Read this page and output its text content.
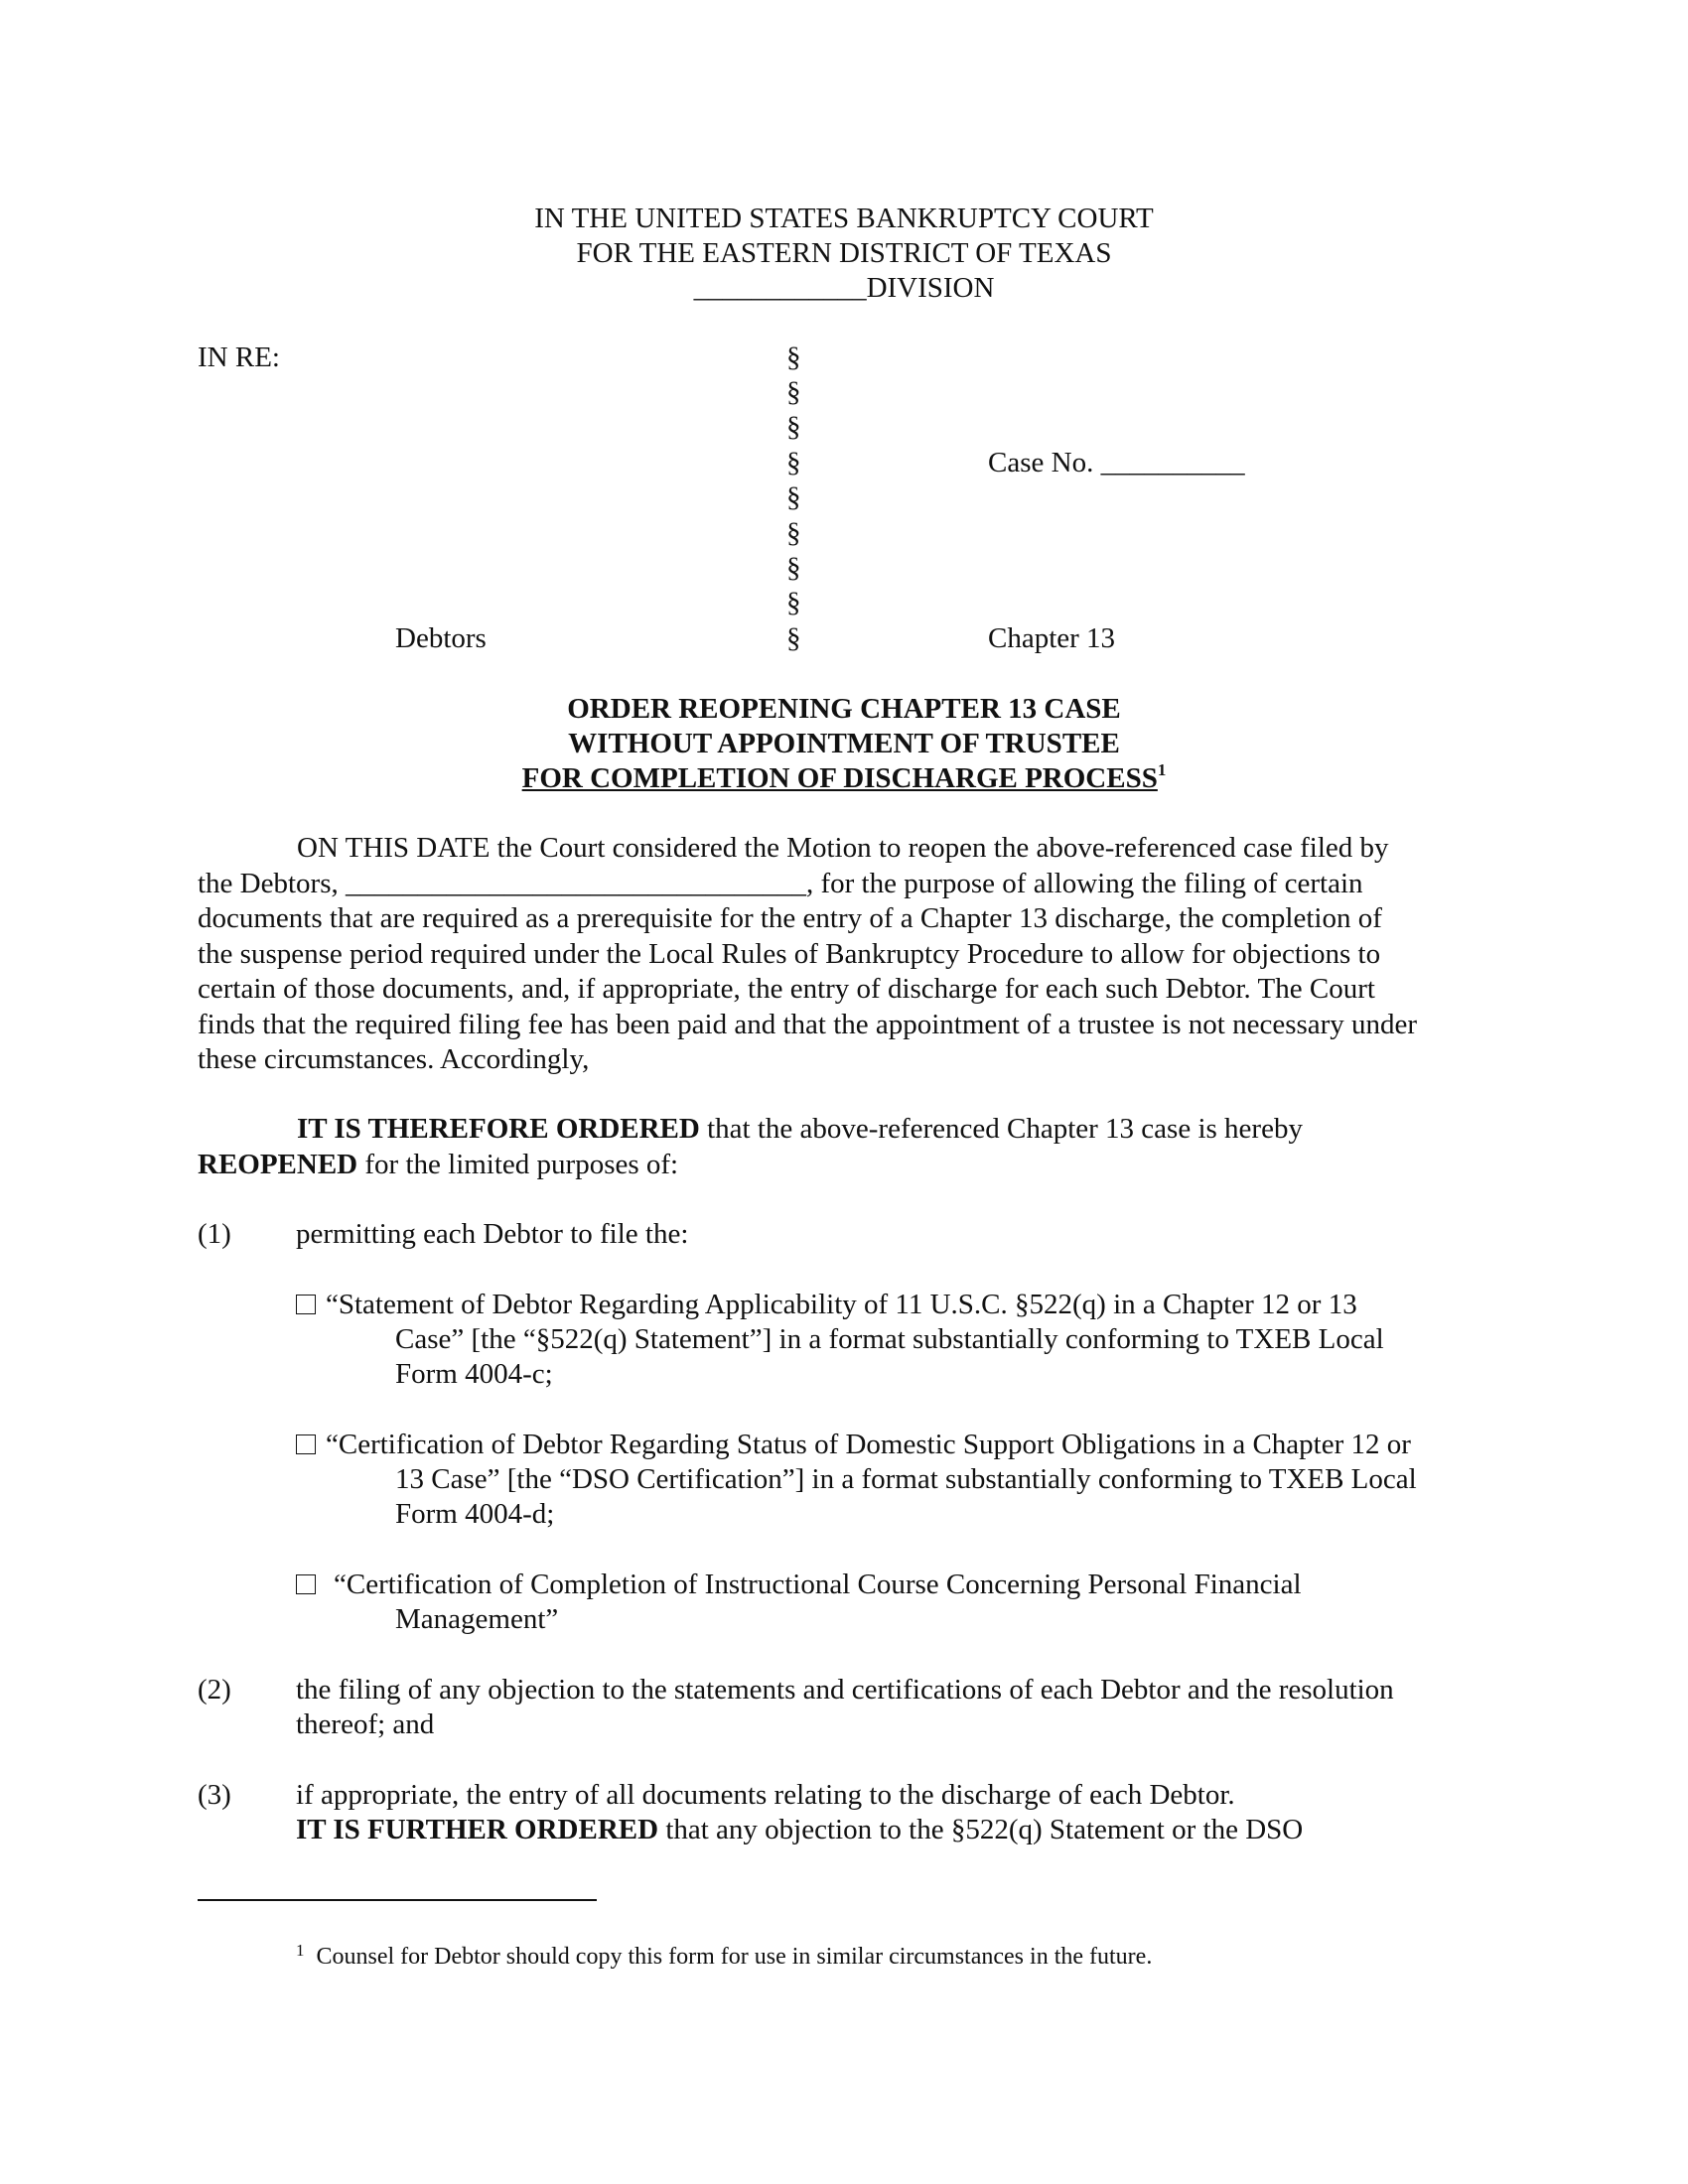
IN THE UNITED STATES BANKRUPTCY COURT
FOR THE EASTERN DISTRICT OF TEXAS
____________DIVISION
IN RE:	§
§
§
§
§
§
§
§
§
Case No. __________
Debtors	Chapter 13
ORDER REOPENING CHAPTER 13 CASE
WITHOUT APPOINTMENT OF TRUSTEE
FOR COMPLETION OF DISCHARGE PROCESS$^1$
ON THIS DATE the Court considered the Motion to reopen the above-referenced case filed by
the Debtors, ________________________________, for the purpose of allowing the filing of certain
documents that are required as a prerequisite for the entry of a Chapter 13 discharge, the completion of
the suspense period required under the Local Rules of Bankruptcy Procedure to allow for objections to
certain of those documents, and, if appropriate, the entry of discharge for each such Debtor. The Court
finds that the required filing fee has been paid and that the appointment of a trustee is not necessary under
these circumstances. Accordingly,
IT IS THEREFORE ORDERED that the above-referenced Chapter 13 case is hereby
REOPENED for the limited purposes of:
(1) permitting each Debtor to file the:
“Statement of Debtor Regarding Applicability of 11 U.S.C. §522(q) in a Chapter 12 or 13
Case” [the “§522(q) Statement”] in a format substantially conforming to TXEB Local
Form 4004-c;
“Certification of Debtor Regarding Status of Domestic Support Obligations in a Chapter 12 or
13 Case” [the “DSO Certification”] in a format substantially conforming to TXEB Local
Form 4004-d;
“Certification of Completion of Instructional Course Concerning Personal Financial
Management”
(2) the filing of any objection to the statements and certifications of each Debtor and the resolution
thereof; and
(3) if appropriate, the entry of all documents relating to the discharge of each Debtor.
IT IS FURTHER ORDERED that any objection to the §522(q) Statement or the DSO
$^1$ Counsel for Debtor should copy this form for use in similar circumstances in the future.
